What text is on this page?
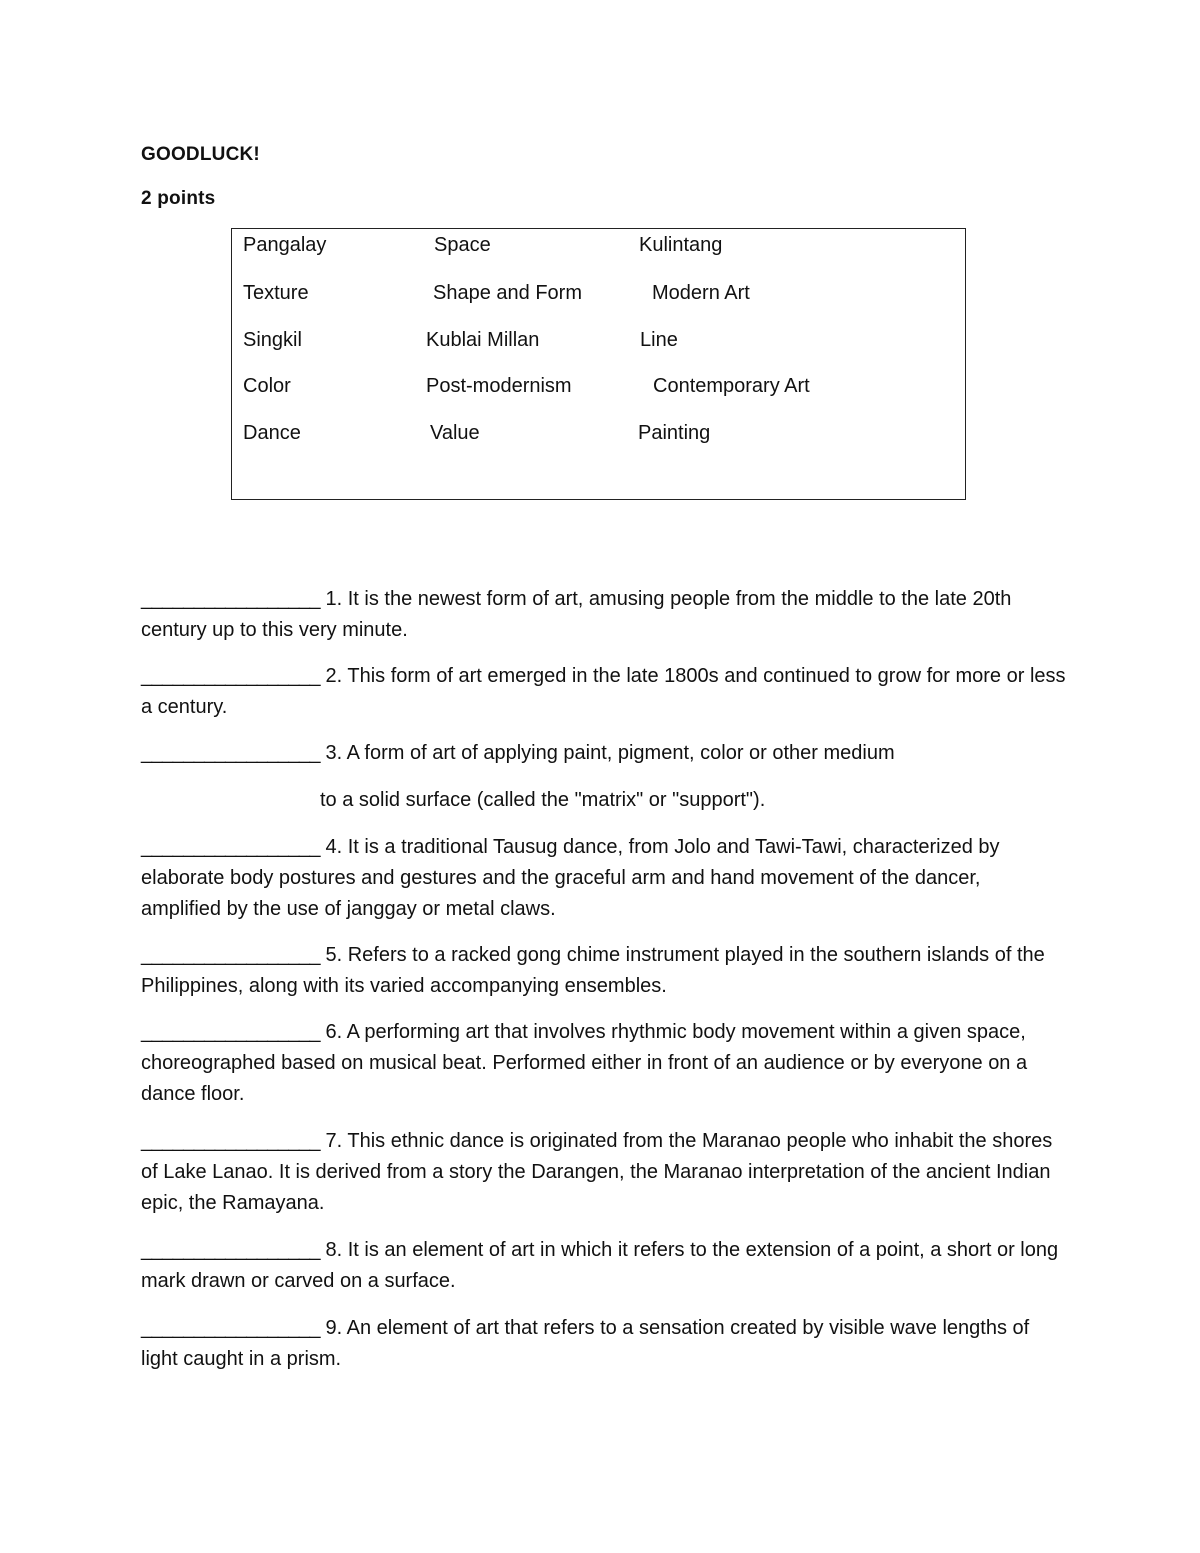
GOODLUCK!
2 points
Pangalay	Space	Kulintang
Texture	Shape and Form	Modern Art
Singkil	Kublai Millan	Line
Color	Post-modernism	Contemporary Art
Dance	Value	Painting
_________________ 1. It is the newest form of art, amusing people from the middle to the late 20th century up to this very minute.
_________________ 2. This form of art emerged in the late 1800s and continued to grow for more or less a century.
_________________ 3. A form of art of applying paint, pigment, color or other medium
to a solid surface (called the "matrix" or "support").
_________________ 4. It is a traditional Tausug dance, from Jolo and Tawi-Tawi, characterized by elaborate body postures and gestures and the graceful arm and hand movement of the dancer, amplified by the use of janggay or metal claws.
_________________ 5. Refers to a racked gong chime instrument played in the southern islands of the Philippines, along with its varied accompanying ensembles.
_________________ 6. A performing art that involves rhythmic body movement within a given space, choreographed based on musical beat. Performed either in front of an audience or by everyone on a dance floor.
_________________ 7. This ethnic dance is originated from the Maranao people who inhabit the shores of Lake Lanao. It is derived from a story the Darangen, the Maranao interpretation of the ancient Indian epic, the Ramayana.
_________________ 8. It is an element of art in which it refers to the extension of a point, a short or long mark drawn or carved on a surface.
_________________ 9. An element of art that refers to a sensation created by visible wave lengths of light caught in a prism.
